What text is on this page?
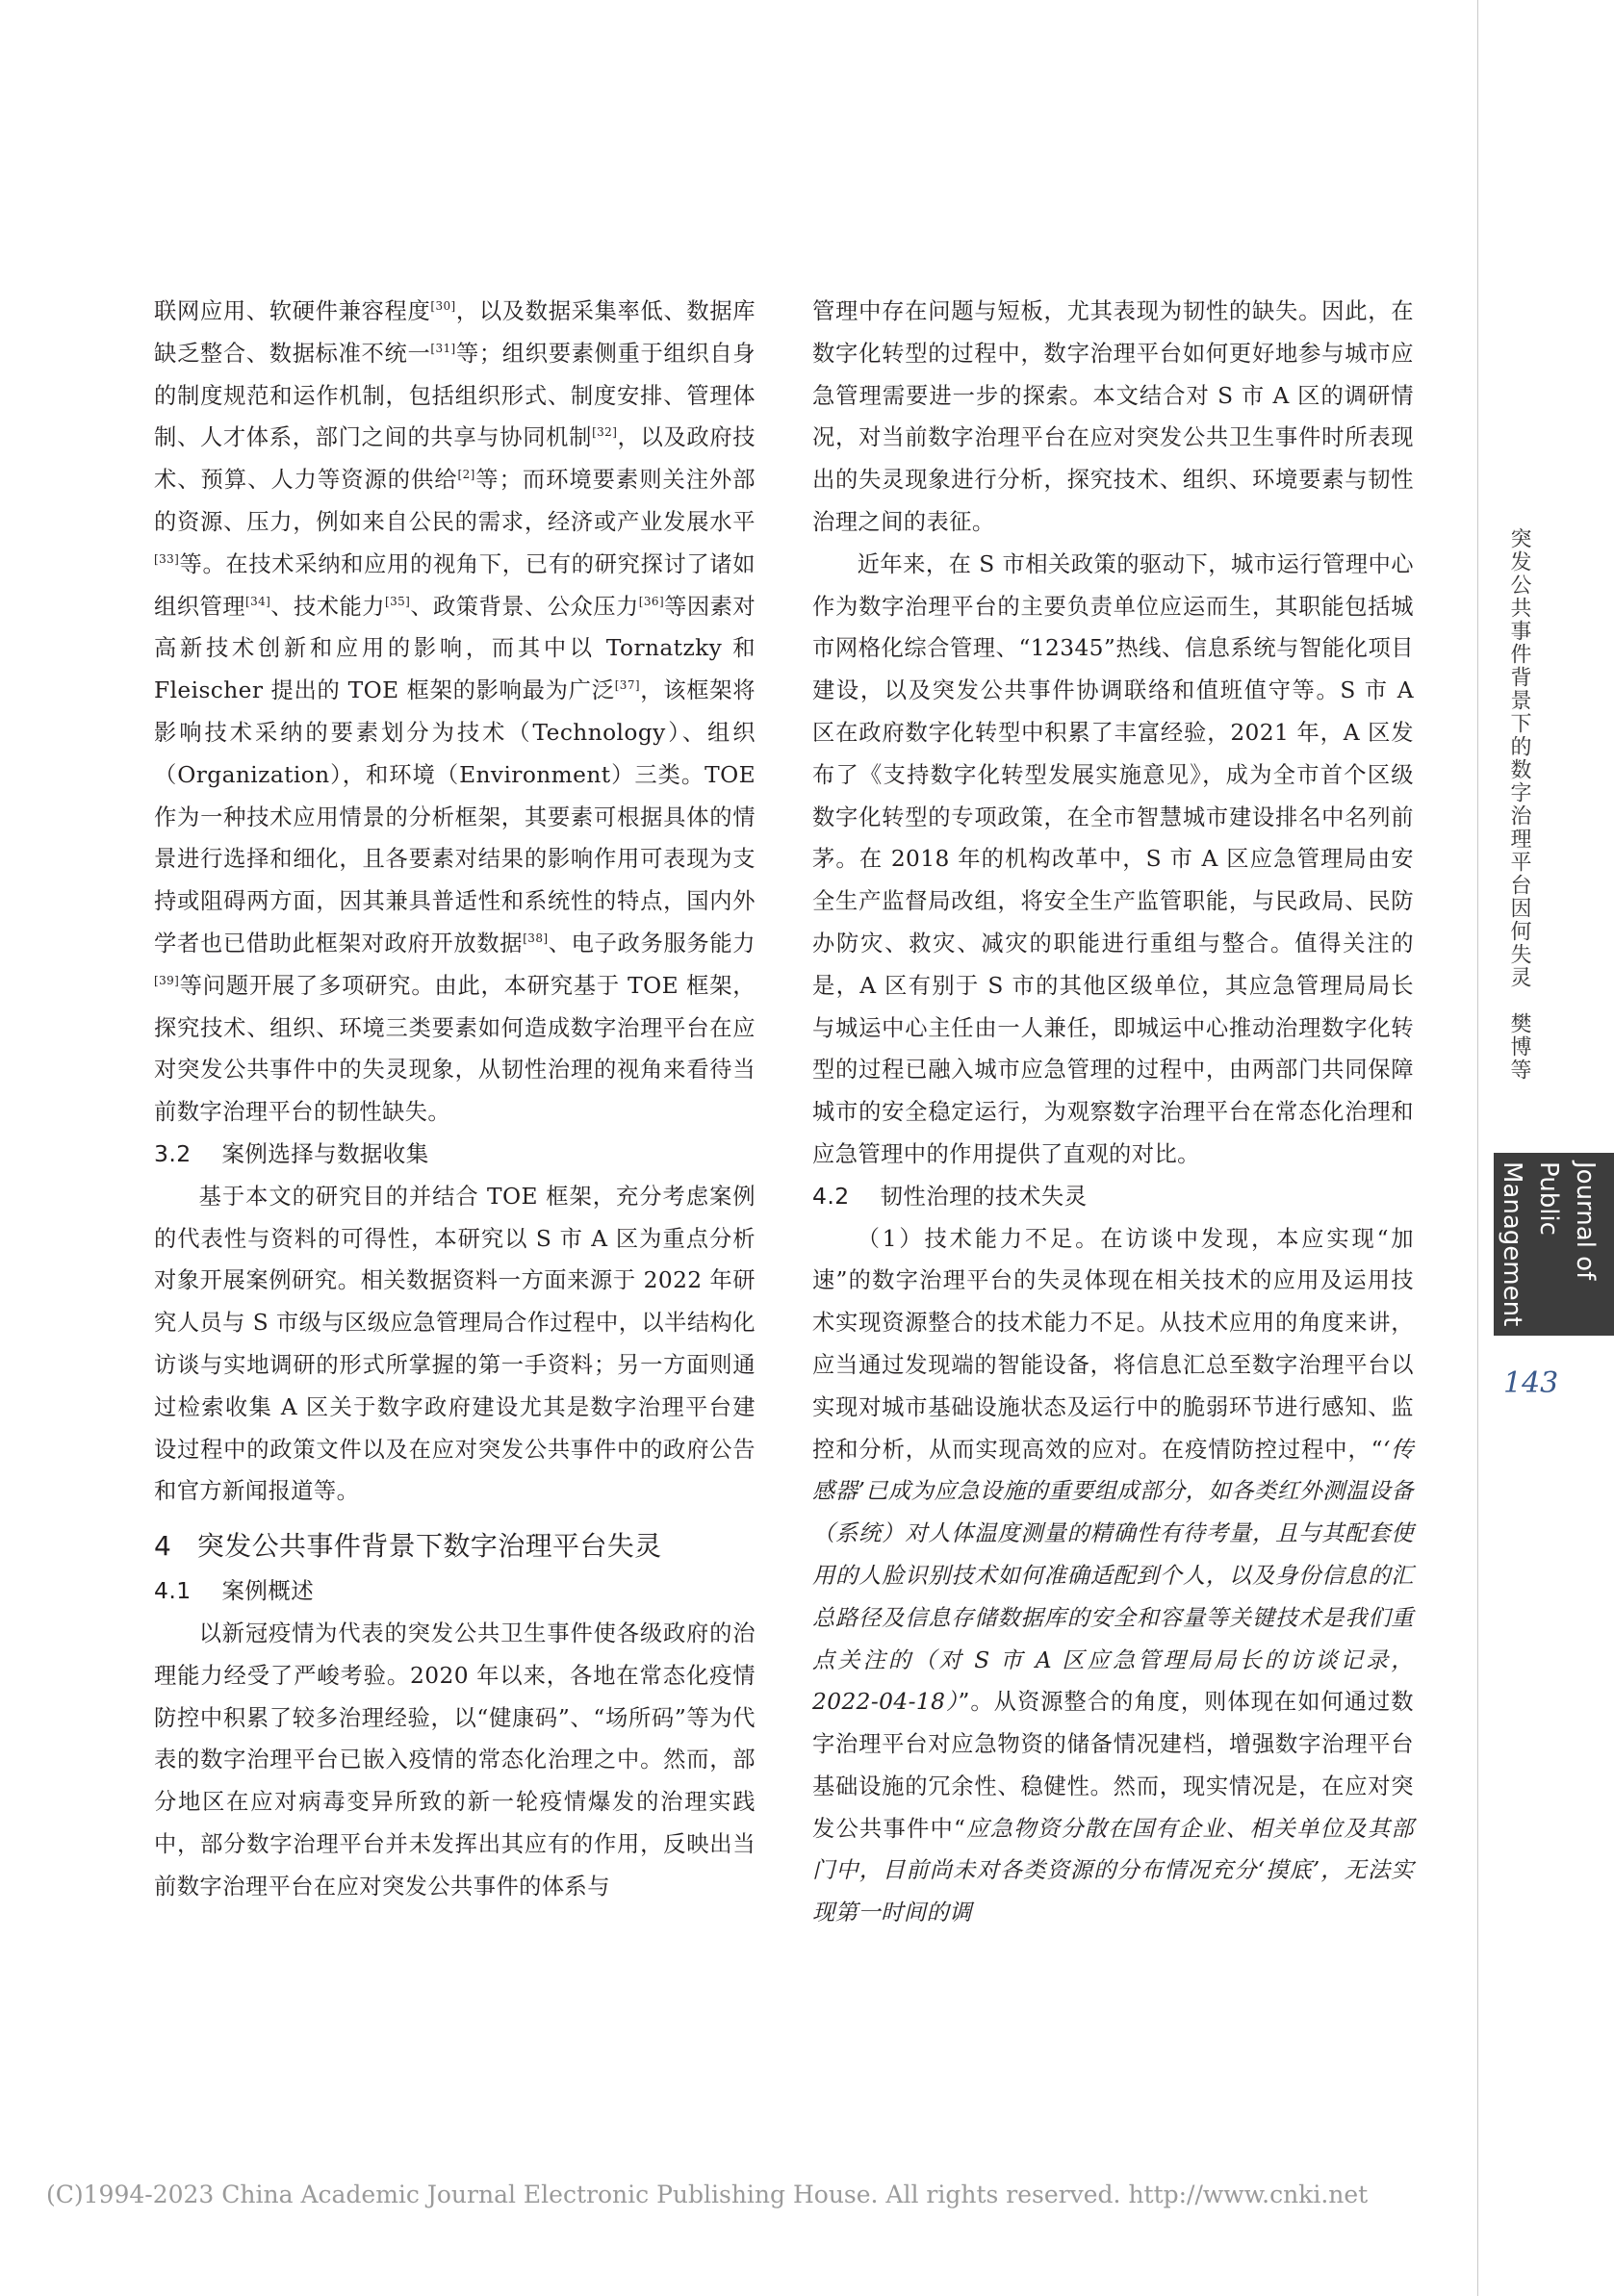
联网应用、软硬件兼容程度[30]，以及数据采集率低、数据库缺乏整合、数据标准不统一[31]等；组织要素侧重于组织自身的制度规范和运作机制，包括组织形式、制度安排、管理体制、人才体系，部门之间的共享与协同机制[32]，以及政府技术、预算、人力等资源的供给[2]等；而环境要素则关注外部的资源、压力，例如来自公民的需求，经济或产业发展水平[33]等。在技术采纳和应用的视角下，已有的研究探讨了诸如组织管理[34]、技术能力[35]、政策背景、公众压力[36]等因素对高新技术创新和应用的影响，而其中以 Tornatzky 和 Fleischer 提出的 TOE 框架的影响最为广泛[37]，该框架将影响技术采纳的要素划分为技术（Technology）、组织（Organization），和环境（Environment）三类。TOE 作为一种技术应用情景的分析框架，其要素可根据具体的情景进行选择和细化，且各要素对结果的影响作用可表现为支持或阻碍两方面，因其兼具普适性和系统性的特点，国内外学者也已借助此框架对政府开放数据[38]、电子政务服务能力[39]等问题开展了多项研究。由此，本研究基于 TOE 框架，探究技术、组织、环境三类要素如何造成数字治理平台在应对突发公共事件中的失灵现象，从韧性治理的视角来看待当前数字治理平台的韧性缺失。

3.2 案例选择与数据收集

基于本文的研究目的并结合 TOE 框架，充分考虑案例的代表性与资料的可得性，本研究以 S 市 A 区为重点分析对象开展案例研究。相关数据资料一方面来源于 2022 年研究人员与 S 市级与区级应急管理局合作过程中，以半结构化访谈与实地调研的形式所掌握的第一手资料；另一方面则通过检索收集 A 区关于数字政府建设尤其是数字治理平台建设过程中的政策文件以及在应对突发公共事件中的政府公告和官方新闻报道等。

4 突发公共事件背景下数字治理平台失灵
4.1 案例概述

以新冠疫情为代表的突发公共卫生事件使各级政府的治理能力经受了严峻考验。2020 年以来，各地在常态化疫情防控中积累了较多治理经验，以“健康码”、“场所码”等为代表的数字治理平台已嵌入疫情的常态化治理之中。然而，部分地区在应对病毒变异所致的新一轮疫情爆发的治理实践中，部分数字治理平台并未发挥出其应有的作用，反映出当前数字治理平台在应对突发公共事件的体系与

管理中存在问题与短板，尤其表现为韧性的缺失。因此，在数字化转型的过程中，数字治理平台如何更好地参与城市应急管理需要进一步的探索。本文结合对 S 市 A 区的调研情况，对当前数字治理平台在应对突发公共卫生事件时所表现出的失灵现象进行分析，探究技术、组织、环境要素与韧性治理之间的表征。

近年来，在 S 市相关政策的驱动下，城市运行管理中心作为数字治理平台的主要负责单位应运而生，其职能包括城市网格化综合管理、“12345”热线、信息系统与智能化项目建设，以及突发公共事件协调联络和值班值守等。S 市 A 区在政府数字化转型中积累了丰富经验，2021 年，A 区发布了《支持数字化转型发展实施意见》，成为全市首个区级数字化转型的专项政策，在全市智慧城市建设排名中名列前茅。在 2018 年的机构改革中，S 市 A 区应急管理局由安全生产监督局改组，将安全生产监管职能，与民政局、民防办防灾、救灾、减灾的职能进行重组与整合。值得关注的是，A 区有别于 S 市的其他区级单位，其应急管理局局长与城运中心主任由一人兼任，即城运中心推动治理数字化转型的过程已融入城市应急管理的过程中，由两部门共同保障城市的安全稳定运行，为观察数字治理平台在常态化治理和应急管理中的作用提供了直观的对比。

4.2 韧性治理的技术失灵

（1）技术能力不足。在访谈中发现，本应实现“加速”的数字治理平台的失灵体现在相关技术的应用及运用技术实现资源整合的技术能力不足。从技术应用的角度来讲，应当通过发现端的智能设备，将信息汇总至数字治理平台以实现对城市基础设施状态及运行中的脆弱环节进行感知、监控和分析，从而实现高效的应对。在疫情防控过程中，“‘传感器’已成为应急设施的重要组成部分，如各类红外测温设备（系统）对人体温度测量的精确性有待考量，且与其配套使用的人脸识别技术如何准确适配到个人，以及身份信息的汇总路径及信息存储数据库的安全和容量等关键技术是我们重点关注的（对 S 市 A 区应急管理局局长的访谈记录，2022-04-18）”。从资源整合的角度，则体现在如何通过数字治理平台对应急物资的储备情况建档，增强数字治理平台基础设施的冗余性、稳健性。然而，现实情况是，在应对突发公共事件中“应急物资分散在国有企业、相关单位及其部门中，目前尚未对各类资源的分布情况充分‘摸底’，无法实现第一时间的调

突发公共事件背景下的数字治理平台因何失灵　樊博等
Journal of Public Management
143
(C)1994-2023 China Academic Journal Electronic Publishing House. All rights reserved. http://www.cnki.net
